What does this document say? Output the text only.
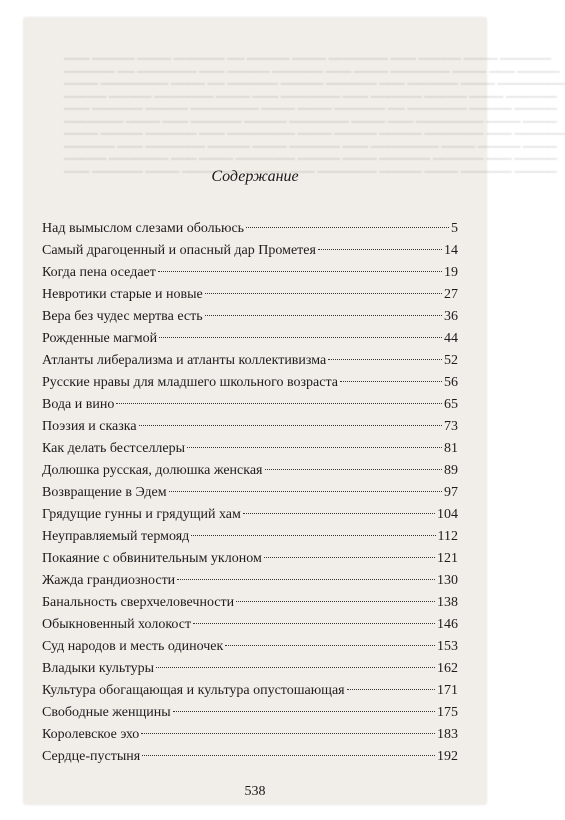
▁▁▁ ▁▁▁▁▁ ▁▁▁▁ ▁▁▁▁▁▁ ▁▁ ▁▁▁▁▁ ▁▁▁▁ ▁▁▁▁▁▁▁ ▁▁▁ ▁▁▁▁▁ ▁▁▁▁ ▁▁▁▁▁▁
▁▁▁▁▁▁ ▁▁ ▁▁▁▁▁▁▁ ▁▁▁ ▁▁▁▁▁ ▁▁▁▁▁▁ ▁▁▁ ▁▁▁▁ ▁▁▁▁▁▁▁ ▁▁▁▁ ▁▁▁ ▁▁▁▁▁
▁▁▁▁ ▁▁▁▁▁▁▁▁ ▁▁▁▁ ▁▁ ▁▁▁▁▁▁ ▁▁▁▁▁ ▁▁▁▁▁▁ ▁▁▁ ▁▁▁▁▁▁ ▁▁▁▁ ▁▁▁▁▁▁▁▁
▁▁▁▁▁ ▁▁▁▁▁ ▁▁▁▁▁▁▁ ▁▁▁▁ ▁▁▁ ▁▁▁▁▁▁▁ ▁▁▁ ▁▁▁▁▁▁ ▁▁▁▁▁ ▁▁▁▁ ▁▁▁▁▁▁
▁▁▁ ▁▁▁▁▁▁ ▁▁▁▁▁ ▁▁▁▁▁▁▁▁ ▁▁▁▁ ▁▁▁▁ ▁▁▁▁▁▁ ▁▁ ▁▁▁▁▁▁▁ ▁▁▁▁▁ ▁▁▁▁▁
▁▁▁▁▁▁▁ ▁▁▁▁ ▁▁▁ ▁▁▁▁▁▁ ▁▁▁▁▁ ▁▁▁▁▁▁▁ ▁▁▁▁ ▁▁▁ ▁▁▁▁▁▁▁▁ ▁▁▁▁ ▁▁▁▁
▁▁▁▁ ▁▁▁▁▁ ▁▁▁▁▁▁ ▁▁▁ ▁▁▁▁▁▁▁▁ ▁▁▁▁ ▁▁▁▁▁ ▁▁▁▁▁ ▁▁▁▁▁▁▁ ▁▁▁ ▁▁▁▁▁▁
▁▁▁▁▁▁ ▁▁▁ ▁▁▁▁▁▁▁ ▁▁▁▁▁ ▁▁▁▁ ▁▁▁▁▁▁ ▁▁▁ ▁▁▁▁▁▁▁▁ ▁▁▁▁ ▁▁▁▁▁ ▁▁▁▁
▁▁▁▁▁ ▁▁▁▁▁▁▁ ▁▁▁ ▁▁▁▁ ▁▁▁▁▁▁▁ ▁▁▁▁▁ ▁▁▁▁ ▁▁▁▁▁▁ ▁▁▁▁▁▁ ▁▁▁ ▁▁▁▁▁
▁▁▁ ▁▁▁▁▁▁ ▁▁▁▁ ▁▁▁▁▁▁▁ ▁▁▁▁▁ ▁▁▁ ▁▁▁▁▁▁▁ ▁▁▁▁▁ ▁▁▁▁ ▁▁▁▁▁▁ ▁▁▁▁▁
Содержание
Над вымыслом слезами обольюсь	5
Самый драгоценный и опасный дар Прометея	14
Когда пена оседает	19
Невротики старые и новые	27
Вера без чудес мертва есть	36
Рожденные магмой	44
Атланты либерализма и атланты коллективизма	52
Русские нравы для младшего школьного возраста	56
Вода и вино	65
Поэзия и сказка	73
Как делать бестселлеры	81
Долюшка русская, долюшка женская	89
Возвращение в Эдем	97
Грядущие гунны и грядущий хам	104
Неуправляемый термояд	112
Покаяние с обвинительным уклоном	121
Жажда грандиозности	130
Банальность сверхчеловечности	138
Обыкновенный холокост	146
Суд народов и месть одиночек	153
Владыки культуры	162
Культура обогащающая и культура опустошающая	171
Свободные женщины	175
Королевское эхо	183
Сердце-пустыня	192
538
